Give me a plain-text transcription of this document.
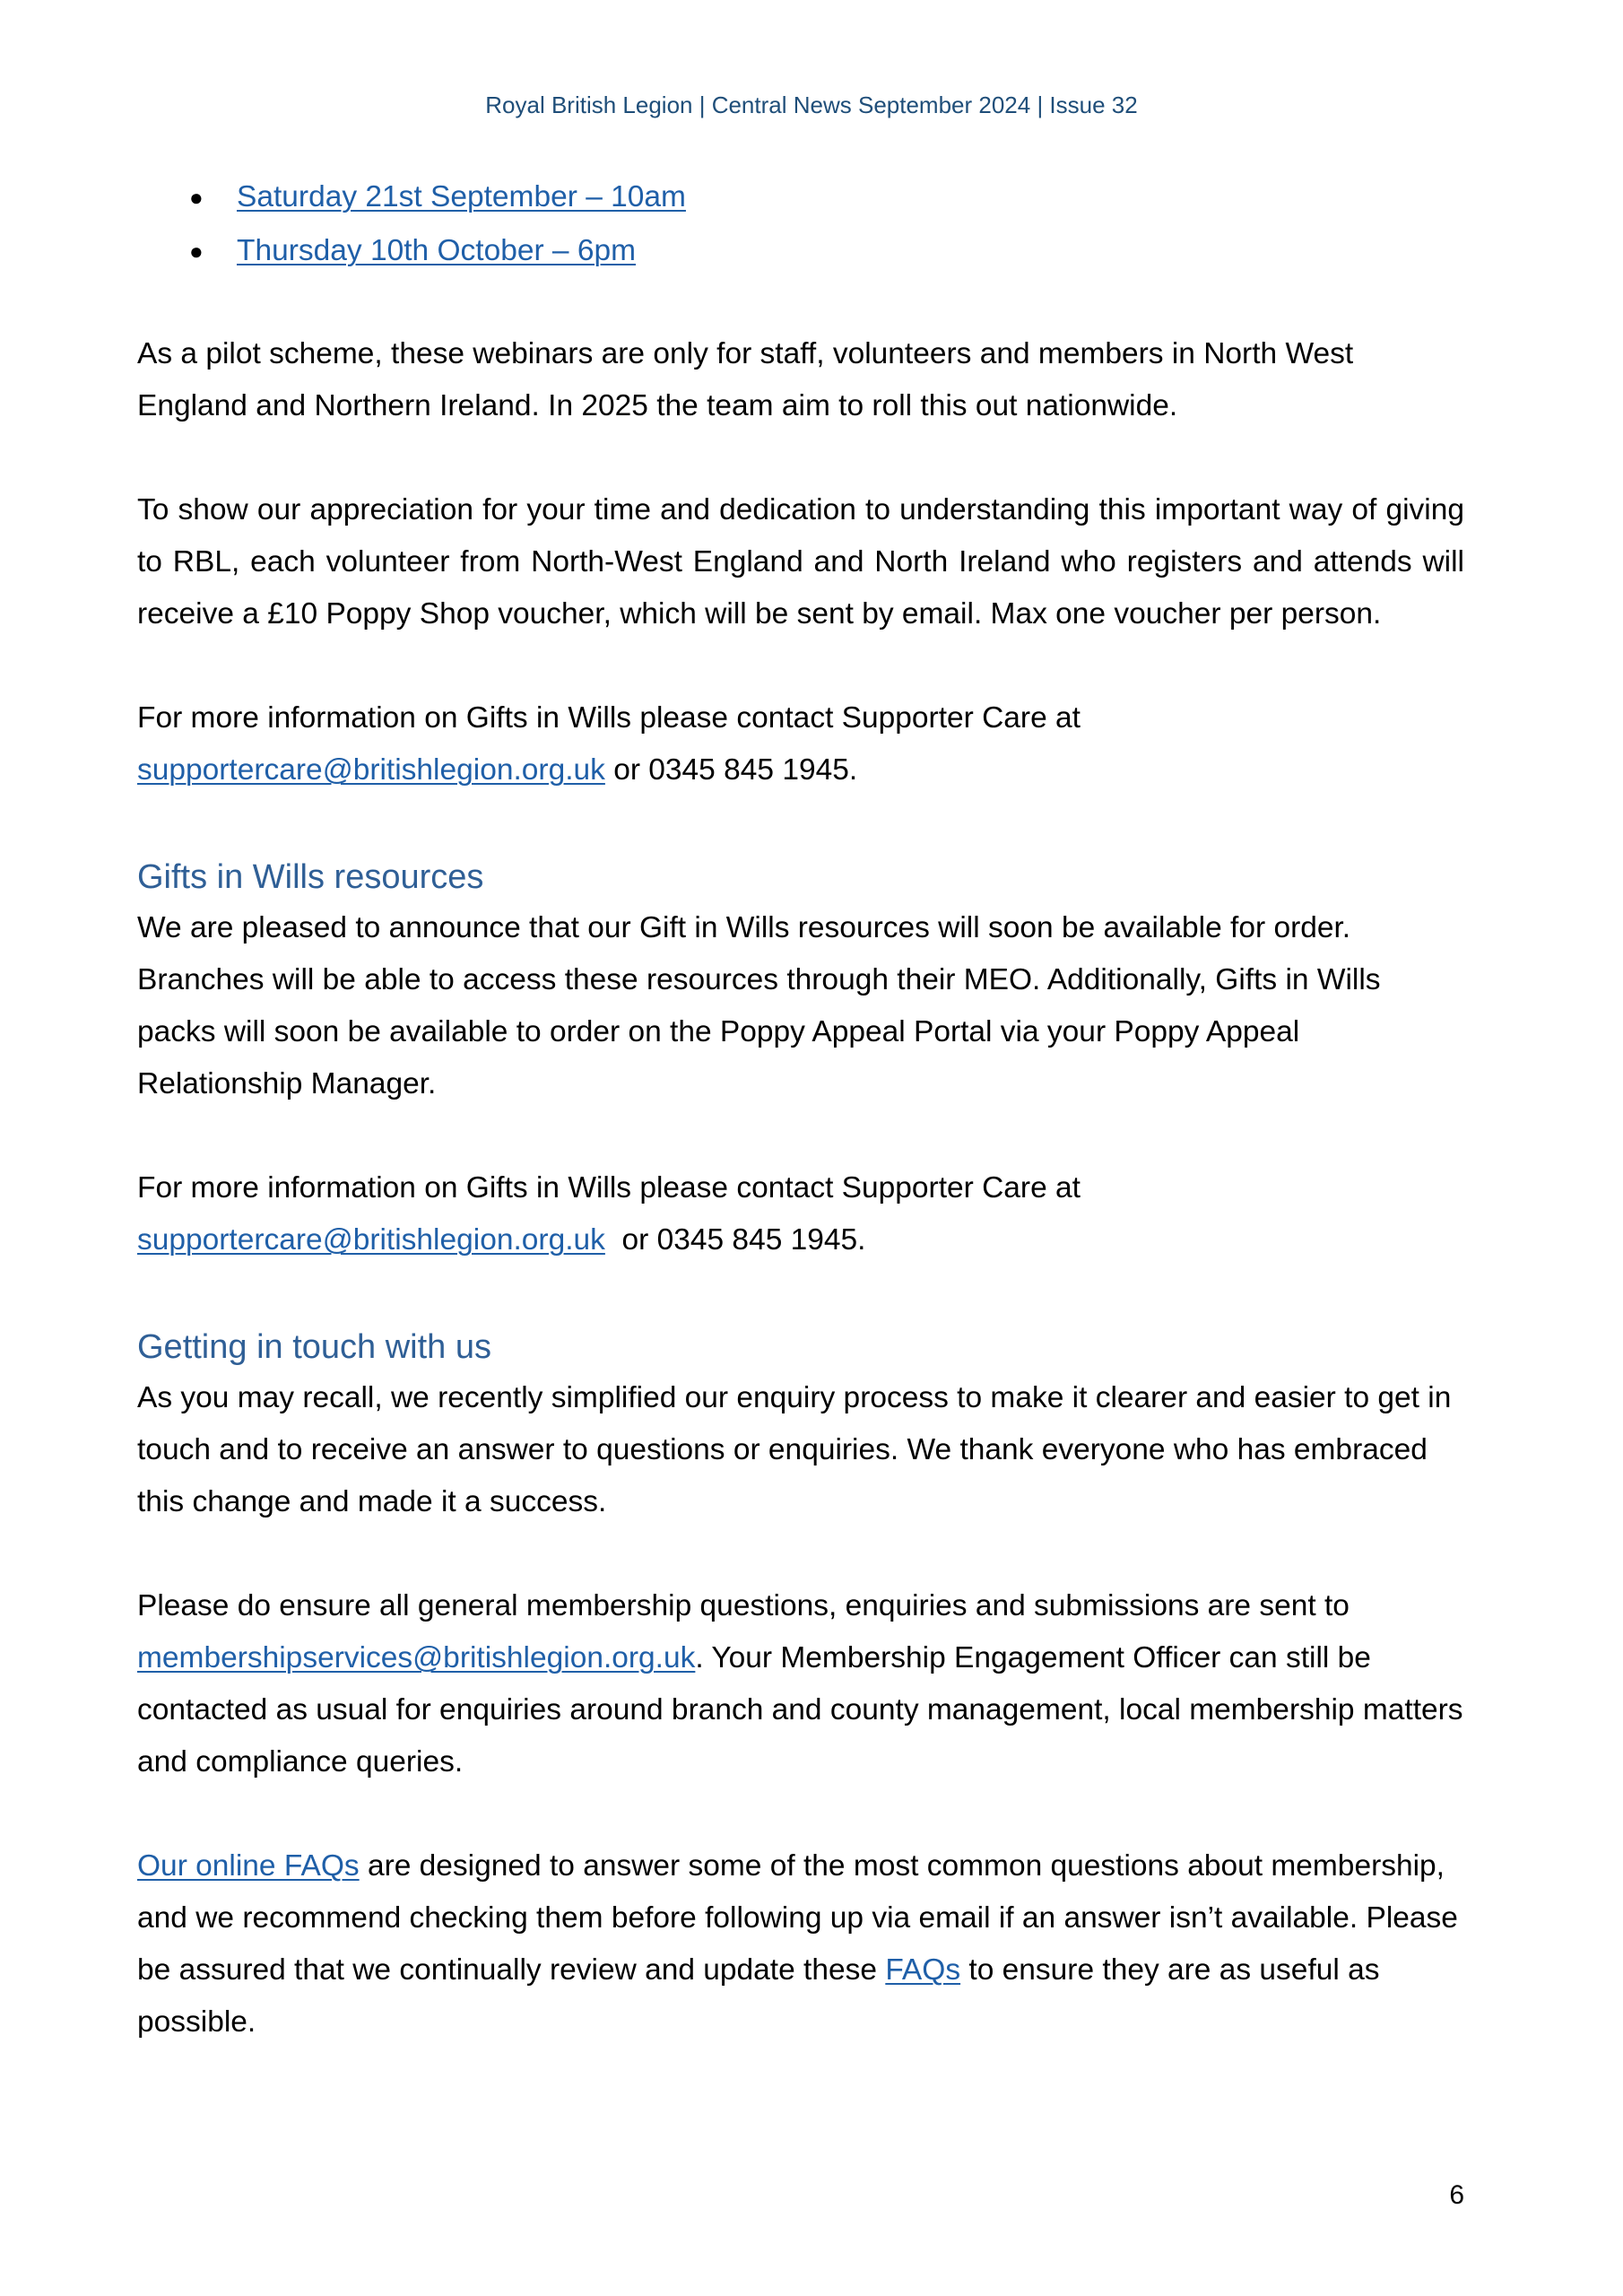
Royal British Legion | Central News September 2024 | Issue 32
● Saturday 21st September – 10am
● Thursday 10th October – 6pm

As a pilot scheme, these webinars are only for staff, volunteers and members in North West England and Northern Ireland. In 2025 the team aim to roll this out nationwide.

To show our appreciation for your time and dedication to understanding this important way of giving to RBL, each volunteer from North-West England and North Ireland who registers and attends will receive a £10 Poppy Shop voucher, which will be sent by email. Max one voucher per person.

For more information on Gifts in Wills please contact Supporter Care at
supportercare@britishlegion.org.uk or 0345 845 1945.

Gifts in Wills resources

We are pleased to announce that our Gift in Wills resources will soon be available for order. Branches will be able to access these resources through their MEO. Additionally, Gifts in Wills packs will soon be available to order on the Poppy Appeal Portal via your Poppy Appeal Relationship Manager.

For more information on Gifts in Wills please contact Supporter Care at
supportercare@britishlegion.org.uk  or 0345 845 1945.

Getting in touch with us

As you may recall, we recently simplified our enquiry process to make it clearer and easier to get in touch and to receive an answer to questions or enquiries. We thank everyone who has embraced this change and made it a success.

Please do ensure all general membership questions, enquiries and submissions are sent to
membershipservices@britishlegion.org.uk. Your Membership Engagement Officer can still be contacted as usual for enquiries around branch and county management, local membership matters and compliance queries.

Our online FAQs are designed to answer some of the most common questions about membership, and we recommend checking them before following up via email if an answer isn’t available. Please be assured that we continually review and update these FAQs to ensure they are as useful as possible.

6
